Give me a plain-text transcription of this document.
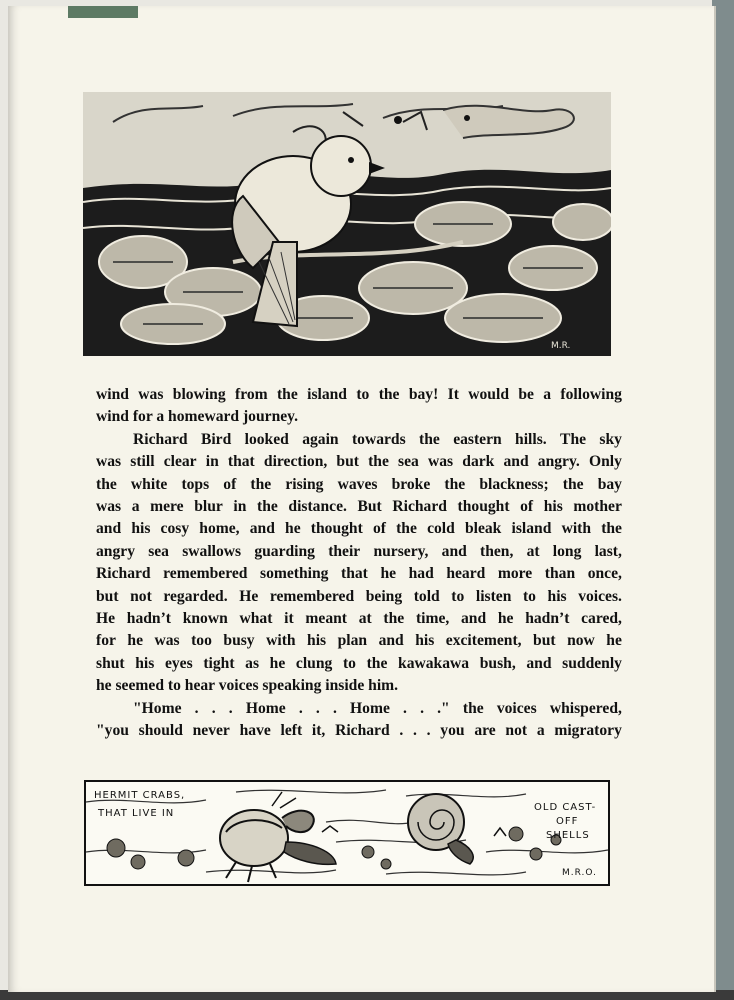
M.R.
wind was blowing from the island to the bay! It would be a following
wind for a homeward journey.
Richard Bird looked again towards the eastern hills. The sky
was still clear in that direction, but the sea was dark and angry. Only
the white tops of the rising waves broke the blackness; the bay
was a mere blur in the distance. But Richard thought of his mother
and his cosy home, and he thought of the cold bleak island with the
angry sea swallows guarding their nursery, and then, at long last,
Richard remembered something that he had heard more than once,
but not regarded. He remembered being told to listen to his voices.
He hadn’t known what it meant at the time, and he hadn’t cared,
for he was too busy with his plan and his excitement, but now he
shut his eyes tight as he clung to the kawakawa bush, and suddenly
he seemed to hear voices speaking inside him.
"Home . . . Home . . . Home . . ." the voices whispered,
"you should never have left it, Richard . . . you are not a migratory
HERMIT CRABS,
THAT LIVE IN
OLD CAST-
OFF
SHELLS
M.R.O.
